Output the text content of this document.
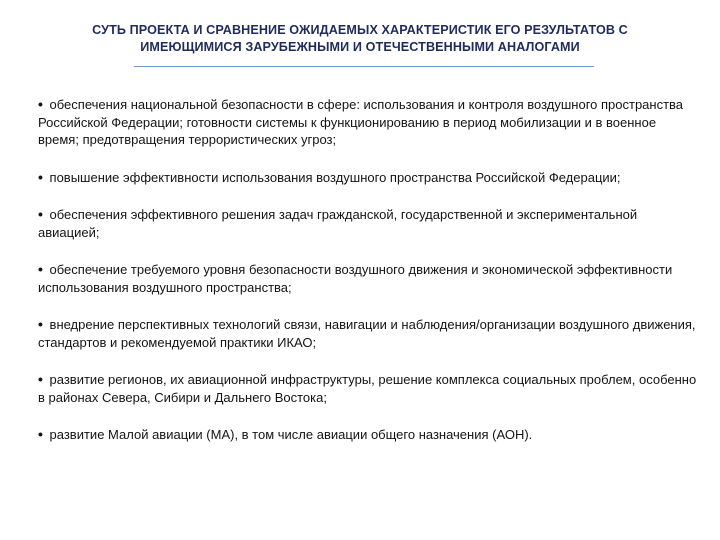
СУТЬ ПРОЕКТА И СРАВНЕНИЕ ОЖИДАЕМЫХ ХАРАКТЕРИСТИК ЕГО РЕЗУЛЬТАТОВ С
ИМЕЮЩИМИСЯ ЗАРУБЕЖНЫМИ И ОТЕЧЕСТВЕННЫМИ АНАЛОГАМИ
• обеспечения национальной безопасности в сфере: использования и контроля воздушного пространства Российской Федерации; готовности системы к функционированию в период мобилизации и в военное время; предотвращения террористических угроз;
• повышение эффективности использования воздушного пространства Российской Федерации;
• обеспечения эффективного решения задач гражданской, государственной и экспериментальной авиацией;
• обеспечение требуемого уровня безопасности воздушного движения и экономической эффективности использования воздушного пространства;
• внедрение перспективных технологий связи, навигации и наблюдения/организации воздушного движения, стандартов и рекомендуемой практики ИКАО;
• развитие регионов, их авиационной инфраструктуры, решение комплекса социальных проблем, особенно в районах Севера, Сибири и Дальнего Востока;
• развитие Малой авиации (МА), в том числе авиации общего назначения (АОН).
